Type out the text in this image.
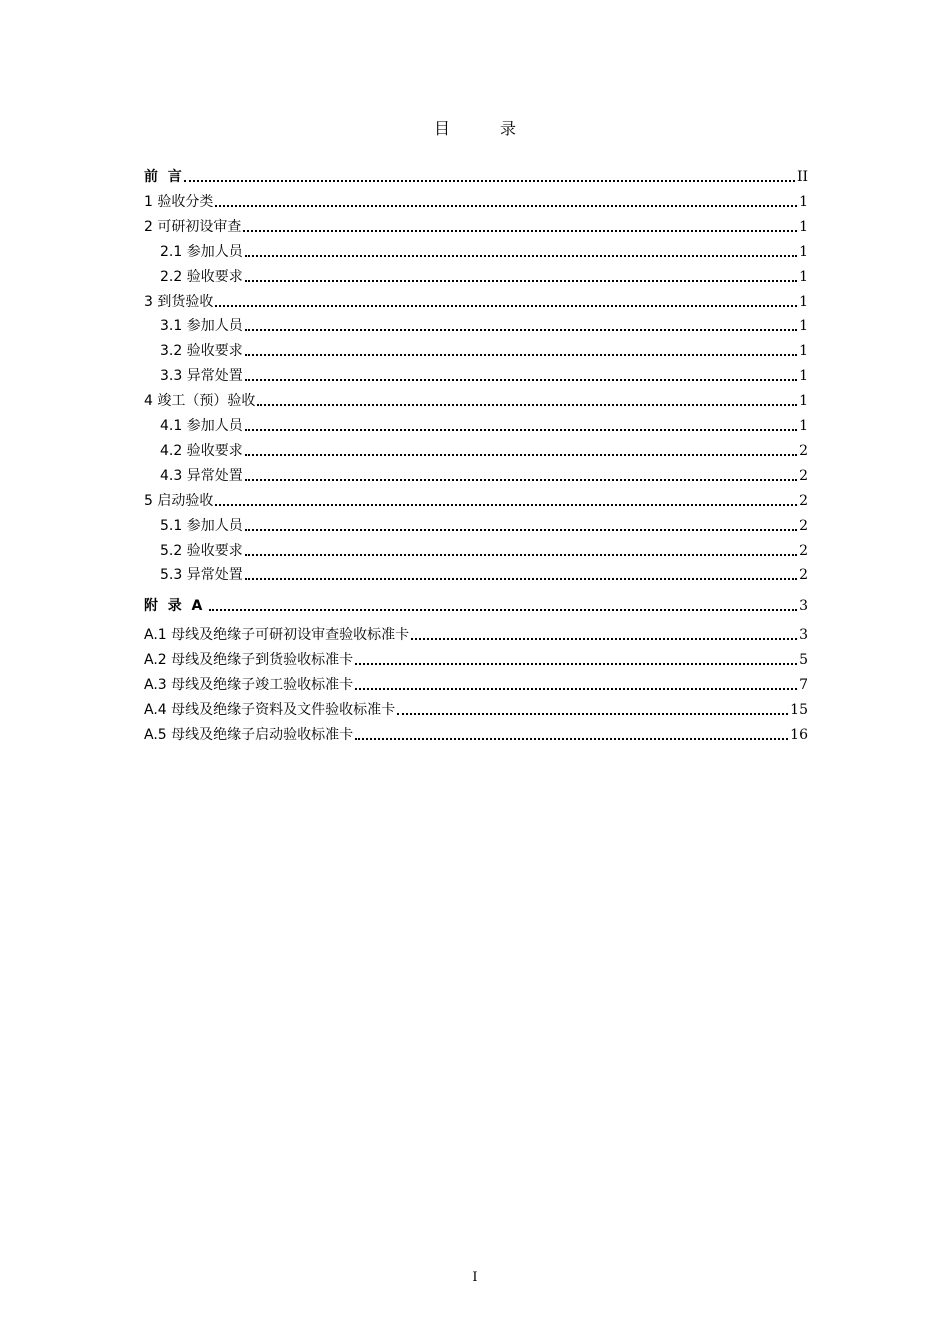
目	录
前  言	II
1 验收分类	1
2 可研初设审查	1
2.1 参加人员	1
2.2 验收要求	1
3 到货验收	1
3.1 参加人员	1
3.2 验收要求	1
3.3 异常处置	1
4 竣工（预）验收	1
4.1 参加人员	1
4.2 验收要求	2
4.3 异常处置	2
5 启动验收	2
5.1 参加人员	2
5.2 验收要求	2
5.3 异常处置	2
附  录  A	3
A.1 母线及绝缘子可研初设审查验收标准卡	3
A.2 母线及绝缘子到货验收标准卡	5
A.3 母线及绝缘子竣工验收标准卡	7
A.4 母线及绝缘子资料及文件验收标准卡	15
A.5 母线及绝缘子启动验收标准卡	16
I
